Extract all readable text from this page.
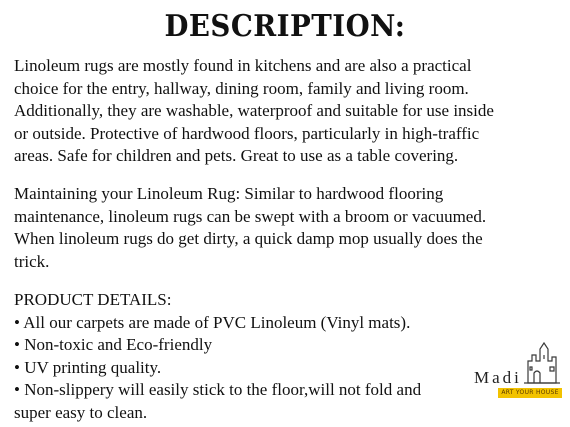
DESCRIPTION:
Linoleum rugs are mostly found in kitchens and are also a practical
choice for the entry, hallway, dining room, family and living room.
Additionally, they are washable, waterproof and suitable for use inside
or outside. Protective of hardwood floors, particularly in high-traffic
areas. Safe for children and pets. Great to use as a table covering.
Maintaining your Linoleum Rug: Similar to hardwood flooring
maintenance, linoleum rugs can be swept with a broom or vacuumed.
When linoleum rugs do get dirty, a quick damp mop usually does the
trick.
PRODUCT DETAILS:
• All our carpets are made of PVC Linoleum (Vinyl mats).
• Non-toxic and Eco-friendly
• UV printing quality.
• Non-slippery will easily stick to the floor,will not fold and
super easy to clean.
Madi
ART YOUR HOUSE
